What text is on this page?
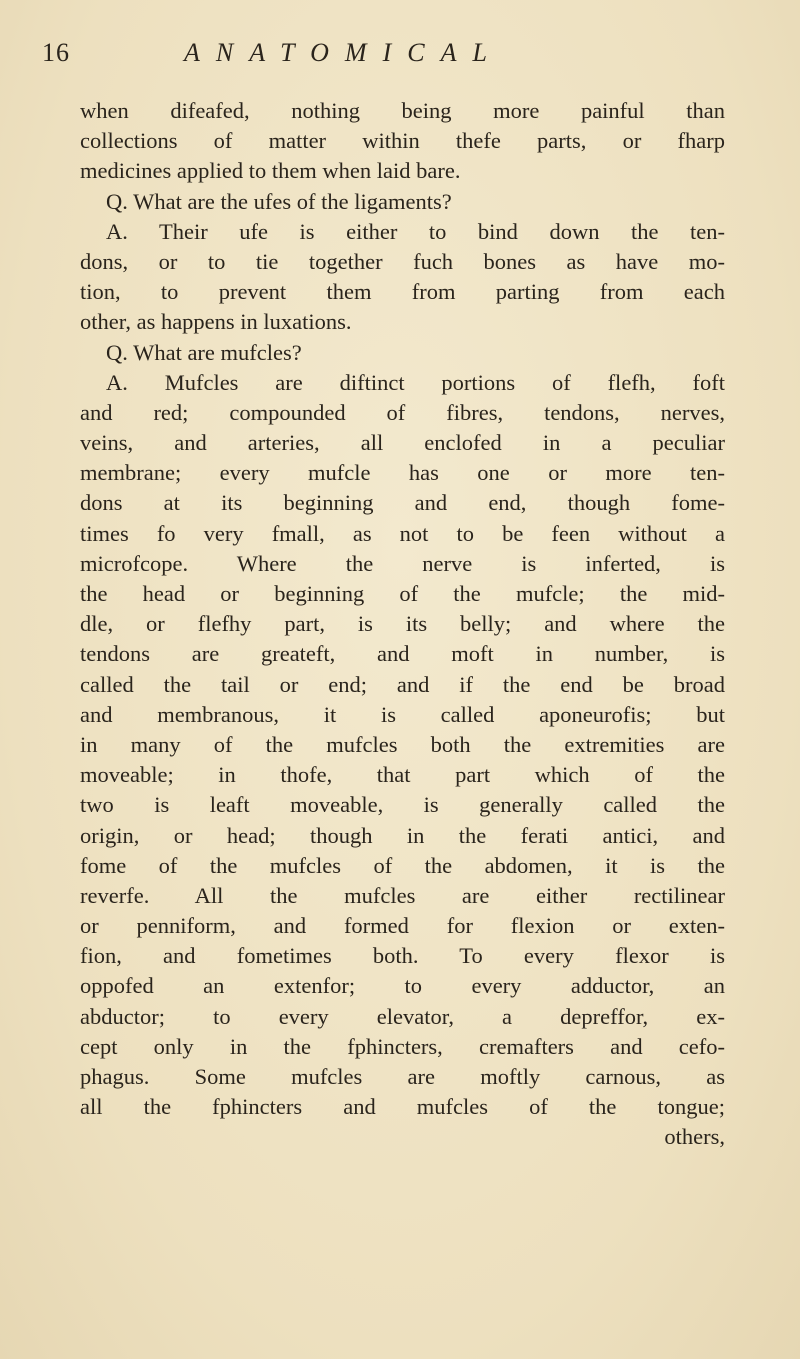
16	ANATOMICAL
when difeafed, nothing being more painful than
collections of matter within thefe parts, or fharp
medicines applied to them when laid bare.
Q. What are the ufes of the ligaments?
A. Their ufe is either to bind down the ten-
dons, or to tie together fuch bones as have mo-
tion, to prevent them from parting from each
other, as happens in luxations.
Q. What are mufcles?
A. Mufcles are diftinct portions of flefh, foft
and red; compounded of fibres, tendons, nerves,
veins, and arteries, all enclofed in a peculiar
membrane; every mufcle has one or more ten-
dons at its beginning and end, though fome-
times fo very fmall, as not to be feen without a
microfcope. Where the nerve is inferted, is
the head or beginning of the mufcle; the mid-
dle, or flefhy part, is its belly; and where the
tendons are greateft, and moft in number, is
called the tail or end; and if the end be broad
and membranous, it is called aponeurofis; but
in many of the mufcles both the extremities are
moveable; in thofe, that part which of the
two is leaft moveable, is generally called the
origin, or head; though in the ferati antici, and
fome of the mufcles of the abdomen, it is the
reverfe. All the mufcles are either rectilinear
or penniform, and formed for flexion or exten-
fion, and fometimes both. To every flexor is
oppofed an extenfor; to every adductor, an
abductor; to every elevator, a depreffor, ex-
cept only in the fphincters, cremafters and cefo-
phagus. Some mufcles are moftly carnous, as
all the fphincters and mufcles of the tongue;
others,
